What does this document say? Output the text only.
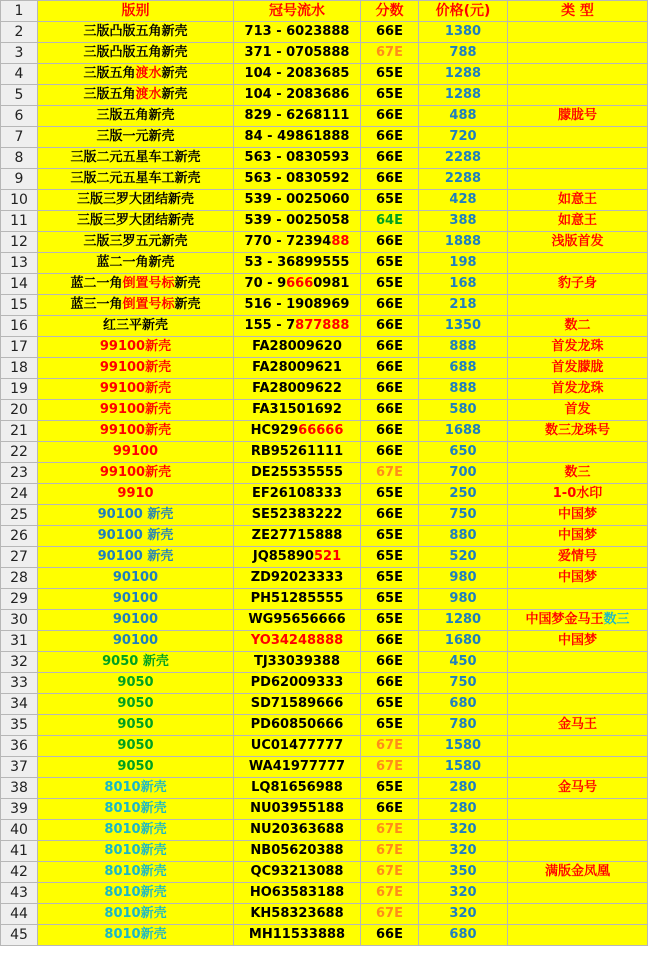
1	版别	冠号流水	分数	价格(元)	类 型
2	三版凸版五角新壳	713 - 6023888	66E	1380	
3	三版凸版五角新壳	371 - 0705888	67E	788	
4	三版五角渡水新壳	104 - 2083685	65E	1288	
5	三版五角渡水新壳	104 - 2083686	65E	1288	
6	三版五角新壳	829 - 6268111	66E	488	朦胧号
7	三版一元新壳	84 - 49861888	66E	720	
8	三版二元五星车工新壳	563 - 0830593	66E	2288	
9	三版二元五星车工新壳	563 - 0830592	66E	2288	
10	三版三罗大团结新壳	539 - 0025060	65E	428	如意王
11	三版三罗大团结新壳	539 - 0025058	64E	388	如意王
12	三版三罗五元新壳	770 - 7239488	66E	1888	浅版首发
13	蓝二一角新壳	53 - 36899555	65E	198	
14	蓝二一角倒置号标新壳	70 - 96660981	65E	168	豹子身
15	蓝三一角倒置号标新壳	516 - 1908969	66E	218	
16	红三平新壳	155 - 7877888	66E	1350	数二
17	99100新壳	FA28009620	66E	888	首发龙珠
18	99100新壳	FA28009621	66E	688	首发朦胧
19	99100新壳	FA28009622	66E	888	首发龙珠
20	99100新壳	FA31501692	66E	580	首发
21	99100新壳	HC92966666	66E	1688	数三龙珠号
22	99100	RB95261111	66E	650	
23	99100新壳	DE25535555	67E	700	数三
24	9910	EF26108333	65E	250	1-0水印
25	90100 新壳	SE52383222	66E	750	中国梦
26	90100 新壳	ZE27715888	65E	880	中国梦
27	90100 新壳	JQ85890521	65E	520	爱情号
28	90100	ZD92023333	65E	980	中国梦
29	90100	PH51285555	65E	980	
30	90100	WG95656666	65E	1280	中国梦金马王数三
31	90100	YO34248888	66E	1680	中国梦
32	9050 新壳	TJ33039388	66E	450	
33	9050	PD62009333	66E	750	
34	9050	SD71589666	65E	680	
35	9050	PD60850666	65E	780	金马王
36	9050	UC01477777	67E	1580	
37	9050	WA41977777	67E	1580	
38	8010新壳	LQ81656988	65E	280	金马号
39	8010新壳	NU03955188	66E	280	
40	8010新壳	NU20363688	67E	320	
41	8010新壳	NB05620388	67E	320	
42	8010新壳	QC93213088	67E	350	满版金凤凰
43	8010新壳	HO63583188	67E	320	
44	8010新壳	KH58323688	67E	320	
45	8010新壳	MH11533888	66E	680	
